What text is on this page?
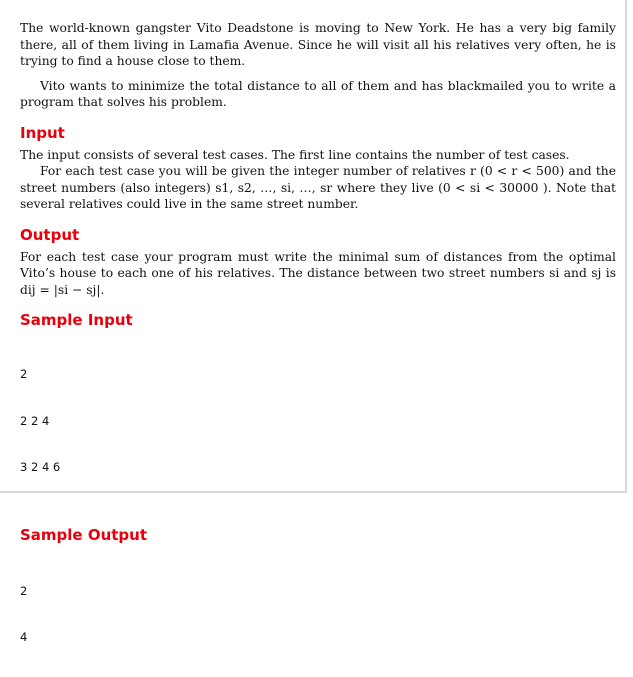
The world-known gangster Vito Deadstone is moving to New York. He has a very big family there, all of them living in Lamafia Avenue. Since he will visit all his relatives very often, he is trying to find a house close to them.

Vito wants to minimize the total distance to all of them and has blackmailed you to write a program that solves his problem.

Input

The input consists of several test cases. The first line contains the number of test cases.

For each test case you will be given the integer number of relatives r (0 < r < 500) and the street numbers (also integers) s1, s2, …, si, …, sr where they live (0 < si < 30000 ). Note that several relatives could live in the same street number.

Output

For each test case your program must write the minimal sum of distances from the optimal Vito’s house to each one of his relatives. The distance between two street numbers si and sj is dij = |si − sj|.

Sample Input

2

2 2 4

3 2 4 6

Sample Output

2

4
